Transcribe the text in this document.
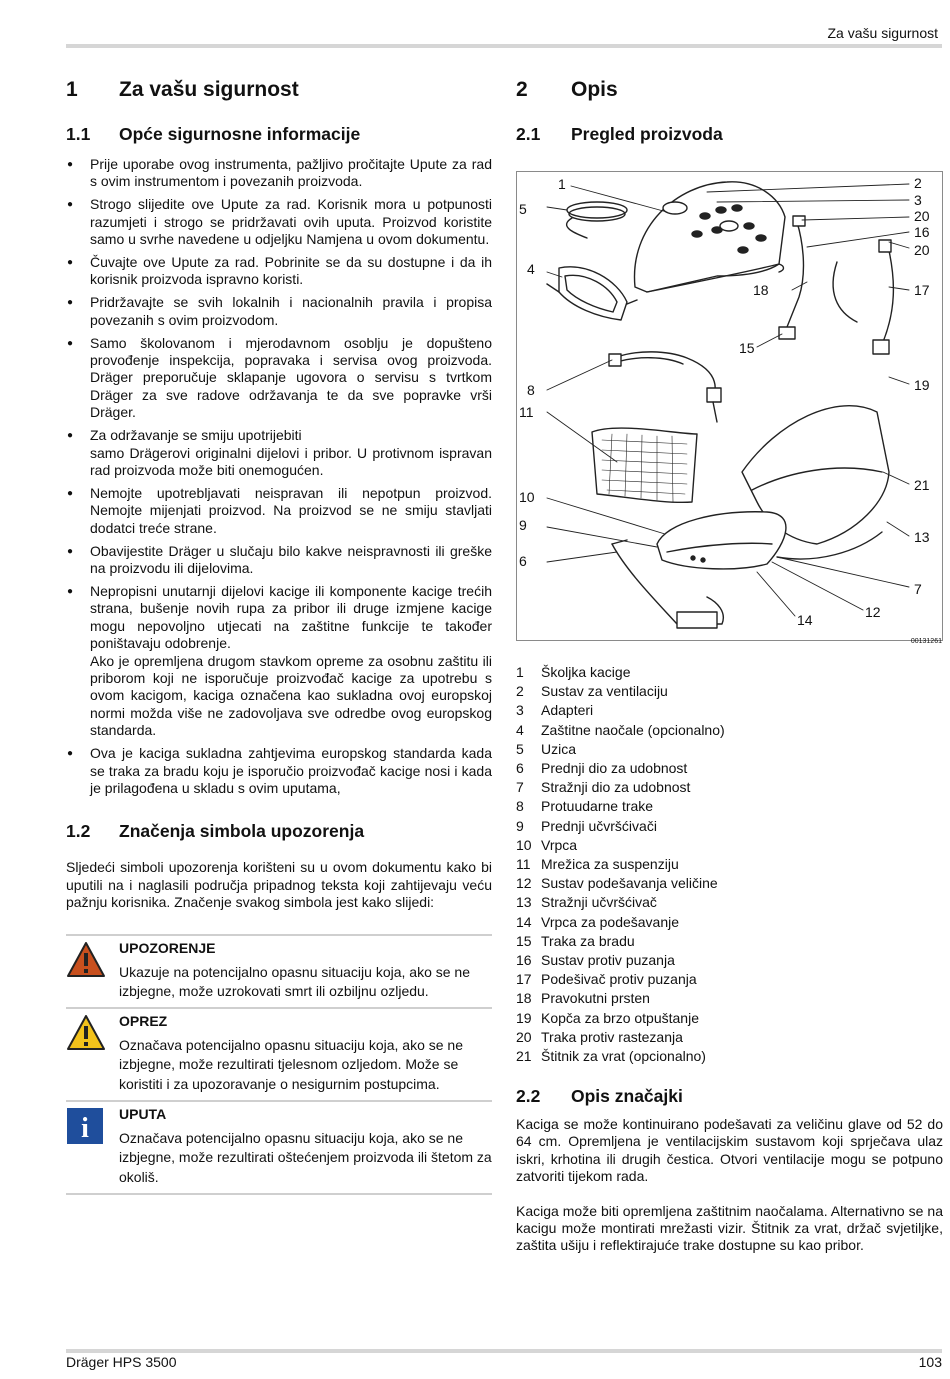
Za vašu sigurnost
1	Za vašu sigurnost
1.1	Opće sigurnosne informacije
● Prije uporabe ovog instrumenta, pažljivo pročitajte Upute za rad s ovim instrumentom i povezanih proizvoda.
● Strogo slijedite ove Upute za rad. Korisnik mora u potpunosti razumjeti i strogo se pridržavati ovih uputa. Proizvod koristite samo u svrhe navedene u odjeljku Namjena u ovom dokumentu.
● Čuvajte ove Upute za rad. Pobrinite se da su dostupne i da ih korisnik proizvoda ispravno koristi.
● Pridržavajte se svih lokalnih i nacionalnih pravila i propisa povezanih s ovim proizvodom.
● Samo školovanom i mjerodavnom osoblju je dopušteno provođenje inspekcija, popravaka i servisa ovog proizvoda. Dräger preporučuje sklapanje ugovora o servisu s tvrtkom Dräger za sve radove održavanja te da sve popravke vrši Dräger.
● Za održavanje se smiju upotrijebiti
samo Drägerovi originalni dijelovi i pribor. U protivnom ispravan rad proizvoda može biti onemogućen.
● Nemojte upotrebljavati neispravan ili nepotpun proizvod. Nemojte mijenjati proizvod. Na proizvod se ne smiju stavljati dodatci treće strane.
● Obavijestite Dräger u slučaju bilo kakve neispravnosti ili greške na proizvodu ili dijelovima.
● Nepropisni unutarnji dijelovi kacige ili komponente kacige trećih strana, bušenje novih rupa za pribor ili druge izmjene kacige mogu nepovoljno utjecati na zaštitne funkcije te također poništavaju odobrenje.
Ako je opremljena drugom stavkom opreme za osobnu zaštitu ili priborom koji ne isporučuje proizvođač kacige za upotrebu s ovom kacigom, kaciga označena kao sukladna ovoj europskoj normi možda više ne zadovoljava sve odredbe ovog europskog standarda.
● Ova je kaciga sukladna zahtjevima europskog standarda kada se traka za bradu koju je isporučio proizvođač kacige nosi i kada je prilagođena u skladu s ovim uputama,
1.2	Značenja simbola upozorenja

Sljedeći simboli upozorenja korišteni su u ovom dokumentu kako bi uputili na i naglasili područja pripadnog teksta koji zahtijevaju veću pažnju korisnika. Značenje svakog simbola jest kako slijedi:

UPOZORENJE
Ukazuje na potencijalno opasnu situaciju koja, ako se ne izbjegne, može uzrokovati smrt ili ozbiljnu ozljedu.
OPREZ
Označava potencijalno opasnu situaciju koja, ako se ne izbjegne, može rezultirati tjelesnom ozljedom. Može se koristiti i za upozoravanje o nesigurnim postupcima.
i UPUTA
Označava potencijalno opasnu situaciju koja, ako se ne izbjegne, može rezultirati oštećenjem proizvoda ili štetom za okoliš.
2	Opis
2.1	Pregled proizvoda
1	2
3
20
16
20
5
4
18	17
15
19
8
11
21
10
9
13
6
7
12
14
00131261
1	Školjka kacige
2	Sustav za ventilaciju
3	Adapteri
4	Zaštitne naočale (opcionalno)
5	Uzica
6	Prednji dio za udobnost
7	Stražnji dio za udobnost
8	Protuudarne trake
9	Prednji učvršćivači
10 Vrpca
11 Mrežica za suspenziju
12 Sustav podešavanja veličine
13 Stražnji učvršćivač
14 Vrpca za podešavanje
15 Traka za bradu
16 Sustav protiv puzanja
17 Podešivač protiv puzanja
18 Pravokutni prsten
19 Kopča za brzo otpuštanje
20 Traka protiv rastezanja
21 Štitnik za vrat (opcionalno)
2.2	Opis značajki

Kaciga se može kontinuirano podešavati za veličinu glave od 52 do 64 cm. Opremljena je ventilacijskim sustavom koji sprječava ulaz iskri, krhotina ili drugih čestica. Otvori ventilacije mogu se potpuno zatvoriti tijekom rada.

Kaciga može biti opremljena zaštitnim naočalama. Alternativno se na kacigu može montirati mrežasti vizir. Štitnik za vrat, držač svjetiljke, zaštita ušiju i reflektirajuće trake dostupne su kao pribor.

Dräger HPS 3500	103
